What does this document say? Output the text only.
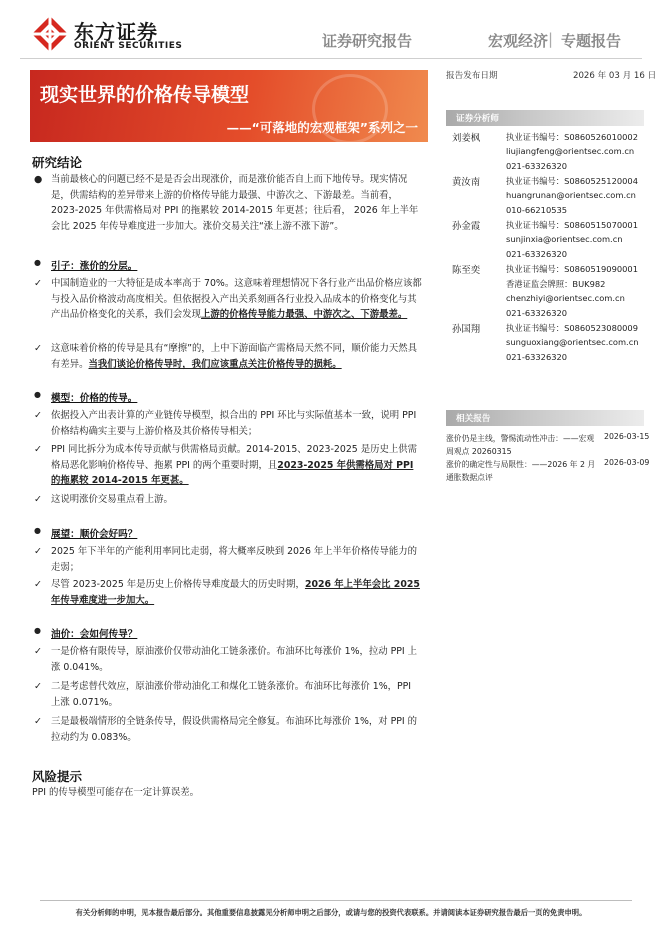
东方证券
ORIENT SECURITIES	证券研究报告	宏观经济 | 专题报告
现实世界的价格传导模型
——“可落地的宏观框架”系列之一
研究结论
● 当前最核心的问题已经不是是否会出现涨价，而是涨价能否自上而下地传导。现实情况是，供需结构的差异带来上游的价格传导能力最强、中游次之、下游最差。当前看，2023-2025 年供需格局对 PPI 的拖累较 2014-2015 年更甚；往后看， 2026 年上半年会比 2025 年传导难度进一步加大。涨价交易关注“涨上游不涨下游”。
● 引子：涨价的分层。
✓ 中国制造业的一大特征是成本率高于 70%。这意味着理想情况下各行业产出品价格应该都与投入品价格波动高度相关。但依据投入产出关系刻画各行业投入品成本的价格变化与其产出品价格变化的关系，我们会发现上游的价格传导能力最强、中游次之、下游最差。
✓ 这意味着价格的传导是具有“摩擦”的，上中下游面临产需格局天然不同，顺价能力天然具有差异。当我们谈论价格传导时，我们应该重点关注价格传导的损耗。
● 模型：价格的传导。
✓ 依据投入产出表计算的产业链传导模型，拟合出的 PPI 环比与实际值基本一致，说明 PPI 价格结构确实主要与上游价格及其价格传导相关；
✓ PPI 同比拆分为成本传导贡献与供需格局贡献。2014-2015、2023-2025 是历史上供需格局恶化影响价格传导、拖累 PPI 的两个重要时期，且2023-2025 年供需格局对 PPI 的拖累较 2014-2015 年更甚。
✓ 这说明涨价交易重点看上游。
● 展望：顺价会好吗？
✓ 2025 年下半年的产能利用率同比走弱，将大概率反映到 2026 年上半年价格传导能力的走弱；
✓ 尽管 2023-2025 年是历史上价格传导难度最大的历史时期，2026 年上半年会比 2025 年传导难度进一步加大。
● 油价：会如何传导？
✓ 一是价格有限传导，原油涨价仅带动油化工链条涨价。布油环比每涨价 1%，拉动 PPI 上涨 0.041%。
✓ 二是考虑替代效应，原油涨价带动油化工和煤化工链条涨价。布油环比每涨价 1%，PPI 上涨 0.071%。
✓ 三是最极端情形的全链条传导，假设供需格局完全修复。布油环比每涨价 1%，对 PPI 的拉动约为 0.083%。
风险提示
PPI 的传导模型可能存在一定计算误差。
报告发布日期	2026 年 03 月 16 日
证券分析师
刘姜枫	执业证书编号：S0860526010002
liujiangfeng@orientsec.com.cn
021-63326320
黄汝南	执业证书编号：S0860525120004
huangrunan@orientsec.com.cn
010-66210535
孙金霞	执业证书编号：S0860515070001
sunjinxia@orientsec.com.cn
021-63326320
陈至奕	执业证书编号：S0860519090001
香港证监会牌照：BUK982
chenzhiyi@orientsec.com.cn
021-63326320
孙国翔	执业证书编号：S0860523080009
sunguoxiang@orientsec.com.cn
021-63326320
相关报告
涨价仍是主线，警惕流动性冲击：——宏观周观点 20260315
2026-03-15
涨价的确定性与局限性：——2026 年 2 月通胀数据点评
2026-03-09
有关分析师的申明，见本报告最后部分。其他重要信息披露见分析师申明之后部分，或请与您的投资代表联系。并请阅读本证券研究报告最后一页的免责申明。
